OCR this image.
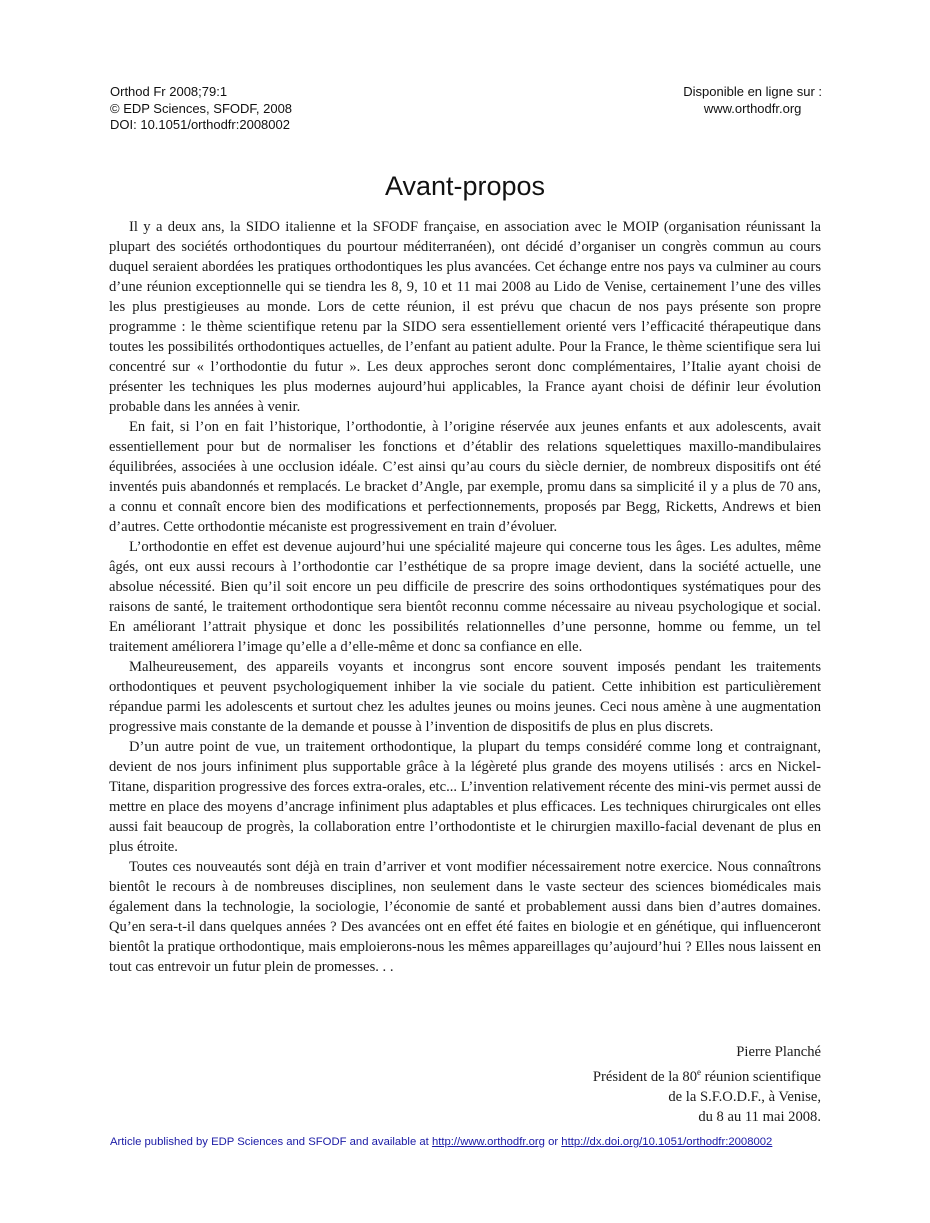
Orthod Fr 2008;79:1
© EDP Sciences, SFODF, 2008
DOI: 10.1051/orthodfr:2008002
Disponible en ligne sur :
www.orthodfr.org
Avant-propos

Il y a deux ans, la SIDO italienne et la SFODF française, en association avec le MOIP (organisation réunissant la plupart des sociétés orthodontiques du pourtour méditerranéen), ont décidé d’organiser un congrès commun au cours duquel seraient abordées les pratiques orthodontiques les plus avancées. Cet échange entre nos pays va culminer au cours d’une réunion exceptionnelle qui se tiendra les 8, 9, 10 et 11 mai 2008 au Lido de Venise, certainement l’une des villes les plus prestigieuses au monde. Lors de cette réunion, il est prévu que chacun de nos pays présente son propre programme : le thème scientifique retenu par la SIDO sera essentiellement orienté vers l’efficacité thérapeutique dans toutes les possibilités orthodontiques actuelles, de l’enfant au patient adulte. Pour la France, le thème scientifique sera lui concentré sur « l’orthodontie du futur ». Les deux approches seront donc complémentaires, l’Italie ayant choisi de présenter les techniques les plus modernes aujourd’hui applicables, la France ayant choisi de définir leur évolution probable dans les années à venir.

En fait, si l’on en fait l’historique, l’orthodontie, à l’origine réservée aux jeunes enfants et aux adolescents, avait essentiellement pour but de normaliser les fonctions et d’établir des relations squelettiques maxillo-mandibulaires équilibrées, associées à une occlusion idéale. C’est ainsi qu’au cours du siècle dernier, de nombreux dispositifs ont été inventés puis abandonnés et remplacés. Le bracket d’Angle, par exemple, promu dans sa simplicité il y a plus de 70 ans, a connu et connaît encore bien des modifications et perfectionnements, proposés par Begg, Ricketts, Andrews et bien d’autres. Cette orthodontie mécaniste est progressivement en train d’évoluer.

L’orthodontie en effet est devenue aujourd’hui une spécialité majeure qui concerne tous les âges. Les adultes, même âgés, ont eux aussi recours à l’orthodontie car l’esthétique de sa propre image devient, dans la société actuelle, une absolue nécessité. Bien qu’il soit encore un peu difficile de prescrire des soins orthodontiques systématiques pour des raisons de santé, le traitement orthodontique sera bientôt reconnu comme nécessaire au niveau psychologique et social. En améliorant l’attrait physique et donc les possibilités relationnelles d’une personne, homme ou femme, un tel traitement améliorera l’image qu’elle a d’elle-même et donc sa confiance en elle.

Malheureusement, des appareils voyants et incongrus sont encore souvent imposés pendant les traitements orthodontiques et peuvent psychologiquement inhiber la vie sociale du patient. Cette inhibition est particulièrement répandue parmi les adolescents et surtout chez les adultes jeunes ou moins jeunes. Ceci nous amène à une augmentation progressive mais constante de la demande et pousse à l’invention de dispositifs de plus en plus discrets.

D’un autre point de vue, un traitement orthodontique, la plupart du temps considéré comme long et contraignant, devient de nos jours infiniment plus supportable grâce à la légèreté plus grande des moyens utilisés : arcs en Nickel-Titane, disparition progressive des forces extra-orales, etc... L’invention relativement récente des mini-vis permet aussi de mettre en place des moyens d’ancrage infiniment plus adaptables et plus efficaces. Les techniques chirurgicales ont elles aussi fait beaucoup de progrès, la collaboration entre l’orthodontiste et le chirurgien maxillo-facial devenant de plus en plus étroite.

Toutes ces nouveautés sont déjà en train d’arriver et vont modifier nécessairement notre exercice. Nous connaîtrons bientôt le recours à de nombreuses disciplines, non seulement dans le vaste secteur des sciences biomédicales mais également dans la technologie, la sociologie, l’économie de santé et probablement aussi dans bien d’autres domaines. Qu’en sera-t-il dans quelques années ? Des avancées ont en effet été faites en biologie et en génétique, qui influenceront bientôt la pratique orthodontique, mais emploierons-nous les mêmes appareillages qu’aujourd’hui ? Elles nous laissent en tout cas entrevoir un futur plein de promesses. . .

Pierre Planché
Président de la 80e réunion scientifique
de la S.F.O.D.F., à Venise,
du 8 au 11 mai 2008.
Article published by EDP Sciences and SFODF and available at http://www.orthodfr.org or http://dx.doi.org/10.1051/orthodfr:2008002
